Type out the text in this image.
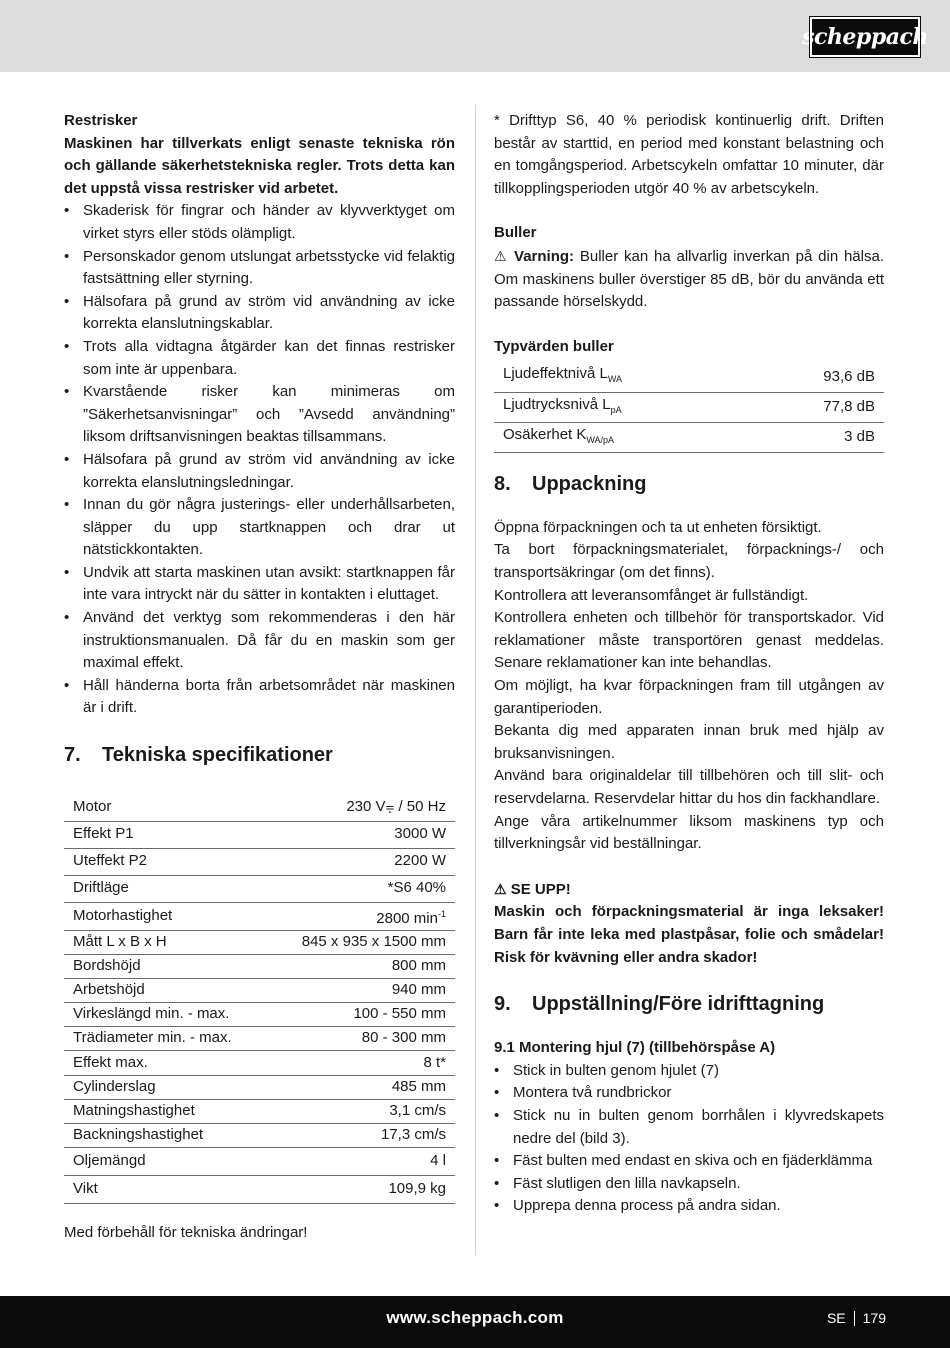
scheppach

Restrisker

Maskinen har tillverkats enligt senaste tekniska rön och gällande säkerhetstekniska regler. Trots detta kan det uppstå vissa restrisker vid arbetet.

• Skaderisk för fingrar och händer av klyvverktyget om virket styrs eller stöds olämpligt.
• Personskador genom utslungat arbetsstycke vid felaktig fastsättning eller styrning.
• Hälsofara på grund av ström vid användning av icke korrekta elanslutningskablar.
• Trots alla vidtagna åtgärder kan det finnas restrisker som inte är uppenbara.
• Kvarstående risker kan minimeras om ”Säkerhetsanvisningar” och ”Avsedd användning” liksom driftsanvisningen beaktas tillsammans.
• Hälsofara på grund av ström vid användning av icke korrekta elanslutningsledningar.
• Innan du gör några justerings- eller underhållsarbeten, släpper du upp startknappen och drar ut nätstickkontakten.
• Undvik att starta maskinen utan avsikt: startknappen får inte vara intryckt när du sätter in kontakten i eluttaget.
• Använd det verktyg som rekommenderas i den här instruktionsmanualen. Då får du en maskin som ger maximal effekt.
• Håll händerna borta från arbetsområdet när maskinen är i drift.
7. Tekniska specifikationer
Motor	230 V⩦ / 50 Hz
Effekt P1	3000 W
Uteffekt P2	2200 W
Driftläge	*S6 40%
Motorhastighet	2800 $\min^{-1}$
Mått L x B x H	845 x 935 x 1500 mm
Bordshöjd	800 mm
Arbetshöjd	940 mm
Virkeslängd min. - max.	100 - 550 mm
Trädiameter min. - max.	80 - 300 mm
Effekt max.	8 t*
Cylinderslag	485 mm
Matningshastighet	3,1 cm/s
Backningshastighet	17,3 cm/s
Oljemängd	4 l
Vikt	109,9 kg

Med förbehåll för tekniska ändringar!

* Drifttyp S6, 40 % periodisk kontinuerlig drift. Driften består av starttid, en period med konstant belastning och en tomgångsperiod. Arbetscykeln omfattar 10 minuter, där tillkopplingsperioden utgör 40 % av arbetscykeln.

Buller

⚠ Varning: Buller kan ha allvarlig inverkan på din hälsa. Om maskinens buller överstiger 85 dB, bör du använda ett passande hörselskydd.

Typvärden buller

Ljudeffektnivå $L_{WA}$	93,6 dB
Ljudtrycksnivå $L_{pA}$	77,8 dB
Osäkerhet $K_{WA/pA}$	3 dB
8. Uppackning

Öppna förpackningen och ta ut enheten försiktigt.

Ta bort förpackningsmaterialet, förpacknings-/ och transportsäkringar (om det finns).

Kontrollera att leveransomfånget är fullständigt.

Kontrollera enheten och tillbehör för transportskador. Vid reklamationer måste transportören genast meddelas. Senare reklamationer kan inte behandlas.

Om möjligt, ha kvar förpackningen fram till utgången av garantiperioden.

Bekanta dig med apparaten innan bruk med hjälp av bruksanvisningen.

Använd bara originaldelar till tillbehören och till slit- och reservdelarna. Reservdelar hittar du hos din fackhandlare.

Ange våra artikelnummer liksom maskinens typ och tillverkningsår vid beställningar.

⚠ SE UPP!

Maskin och förpackningsmaterial är inga leksaker! Barn får inte leka med plastpåsar, folie och smådelar! Risk för kvävning eller andra skador!

9. Uppställning/Före idrifttagning

9.1 Montering hjul (7) (tillbehörspåse A)

• Stick in bulten genom hjulet (7)
• Montera två rundbrickor
• Stick nu in bulten genom borrhålen i klyvredskapets nedre del (bild 3).
• Fäst bulten med endast en skiva och en fjäderklämma
• Fäst slutligen den lilla navkapseln.
• Upprepa denna process på andra sidan.
www.scheppach.com	SE 179
